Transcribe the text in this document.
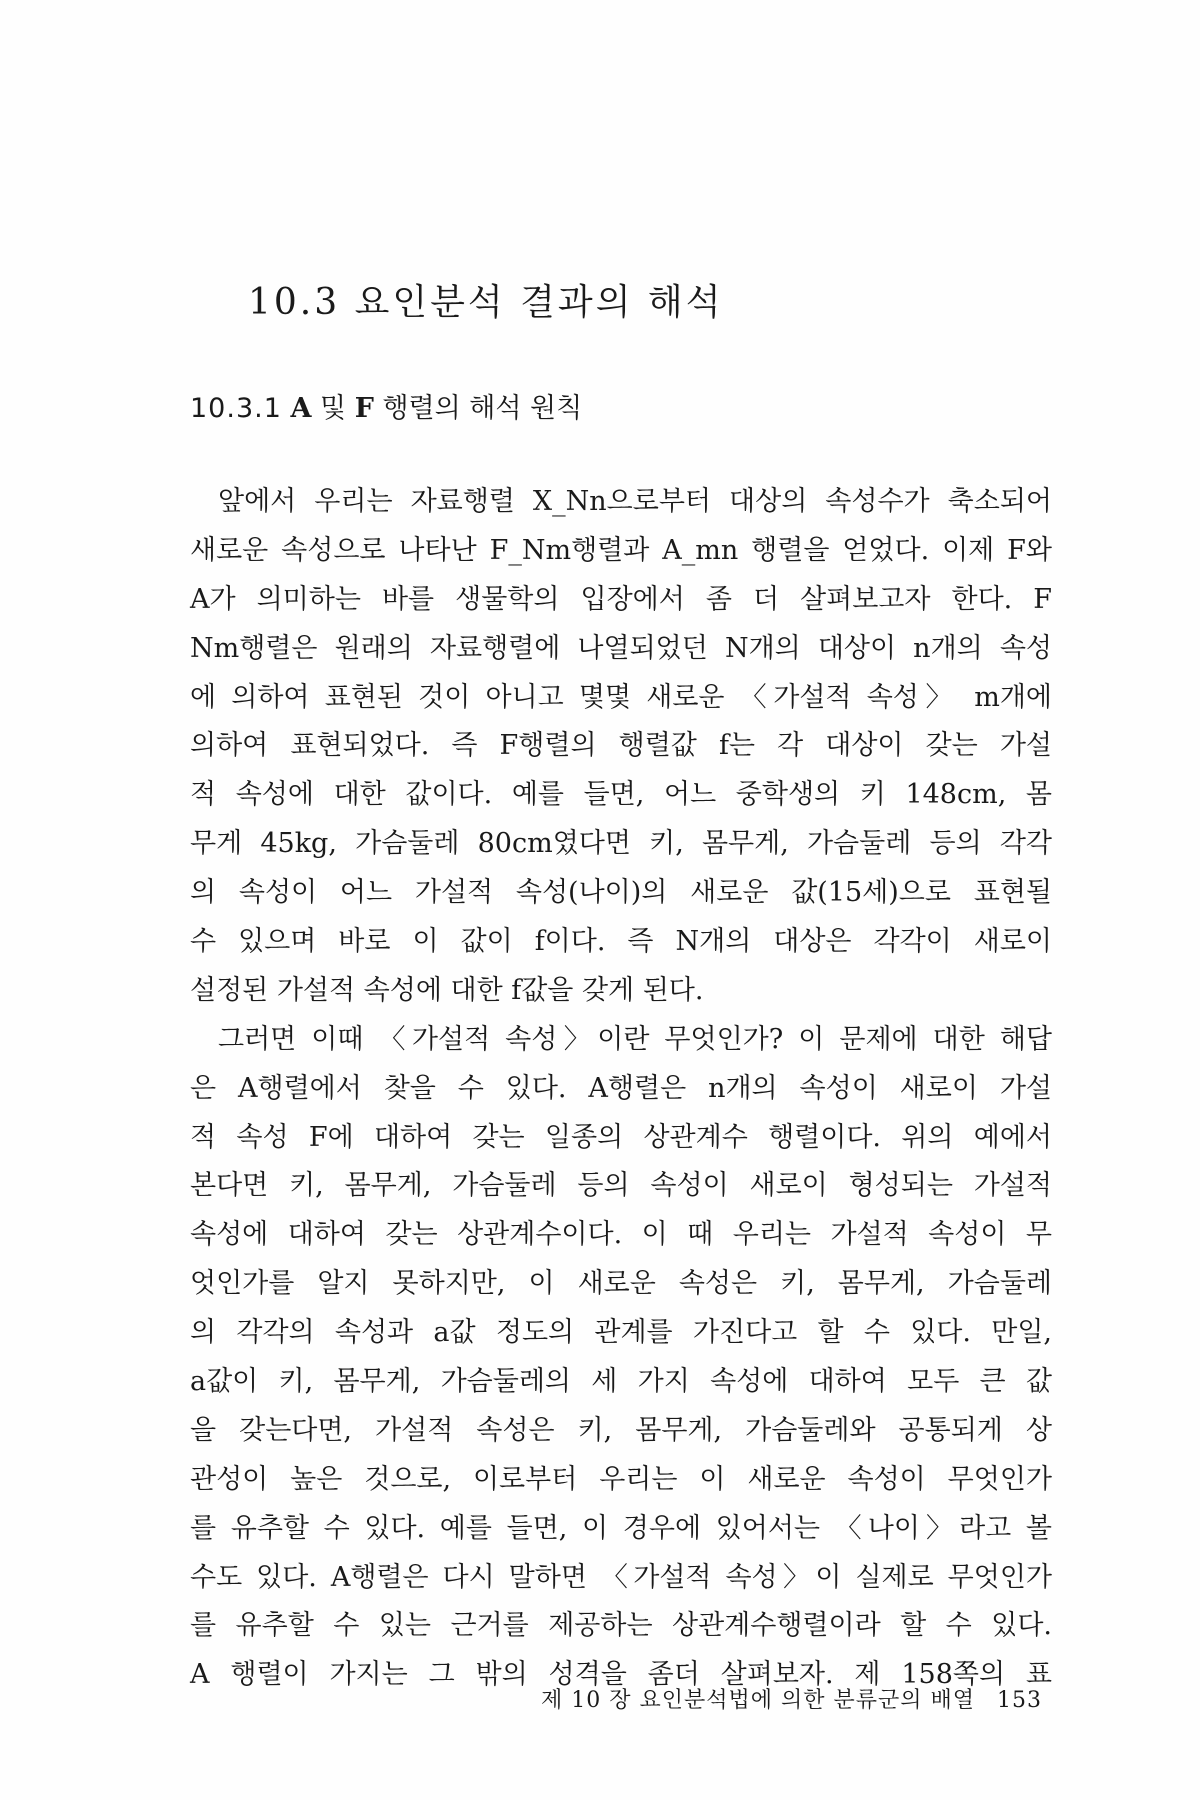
10.3 요인분석 결과의 해석
10.3.1 A 및 F 행렬의 해석 원칙
앞에서 우리는 자료행렬 X_Nn으로부터 대상의 속성수가 축소되어
새로운 속성으로 나타난 F_Nm행렬과 A_mn 행렬을 얻었다. 이제 F와
A가 의미하는 바를 생물학의 입장에서 좀 더 살펴보고자 한다. F
Nm행렬은 원래의 자료행렬에 나열되었던 N개의 대상이 n개의 속성
에 의하여 표현된 것이 아니고 몇몇 새로운 〈가설적 속성〉 m개에
의하여 표현되었다. 즉 F행렬의 행렬값 f는 각 대상이 갖는 가설
적 속성에 대한 값이다. 예를 들면, 어느 중학생의 키 148cm, 몸
무게 45kg, 가슴둘레 80cm였다면 키, 몸무게, 가슴둘레 등의 각각
의 속성이 어느 가설적 속성(나이)의 새로운 값(15세)으로 표현될
수 있으며 바로 이 값이 f이다. 즉 N개의 대상은 각각이 새로이
설정된 가설적 속성에 대한 f값을 갖게 된다.
그러면 이때 〈가설적 속성〉이란 무엇인가? 이 문제에 대한 해답
은 A행렬에서 찾을 수 있다. A행렬은 n개의 속성이 새로이 가설
적 속성 F에 대하여 갖는 일종의 상관계수 행렬이다. 위의 예에서
본다면 키, 몸무게, 가슴둘레 등의 속성이 새로이 형성되는 가설적
속성에 대하여 갖는 상관계수이다. 이 때 우리는 가설적 속성이 무
엇인가를 알지 못하지만, 이 새로운 속성은 키, 몸무게, 가슴둘레
의 각각의 속성과 a값 정도의 관계를 가진다고 할 수 있다. 만일,
a값이 키, 몸무게, 가슴둘레의 세 가지 속성에 대하여 모두 큰 값
을 갖는다면, 가설적 속성은 키, 몸무게, 가슴둘레와 공통되게 상
관성이 높은 것으로, 이로부터 우리는 이 새로운 속성이 무엇인가
를 유추할 수 있다. 예를 들면, 이 경우에 있어서는 〈나이〉라고 볼
수도 있다. A행렬은 다시 말하면 〈가설적 속성〉이 실제로 무엇인가
를 유추할 수 있는 근거를 제공하는 상관계수행렬이라 할 수 있다.
A 행렬이 가지는 그 밖의 성격을 좀더 살펴보자. 제 158쪽의 표
제 10 장 요인분석법에 의한 분류군의 배열 153
